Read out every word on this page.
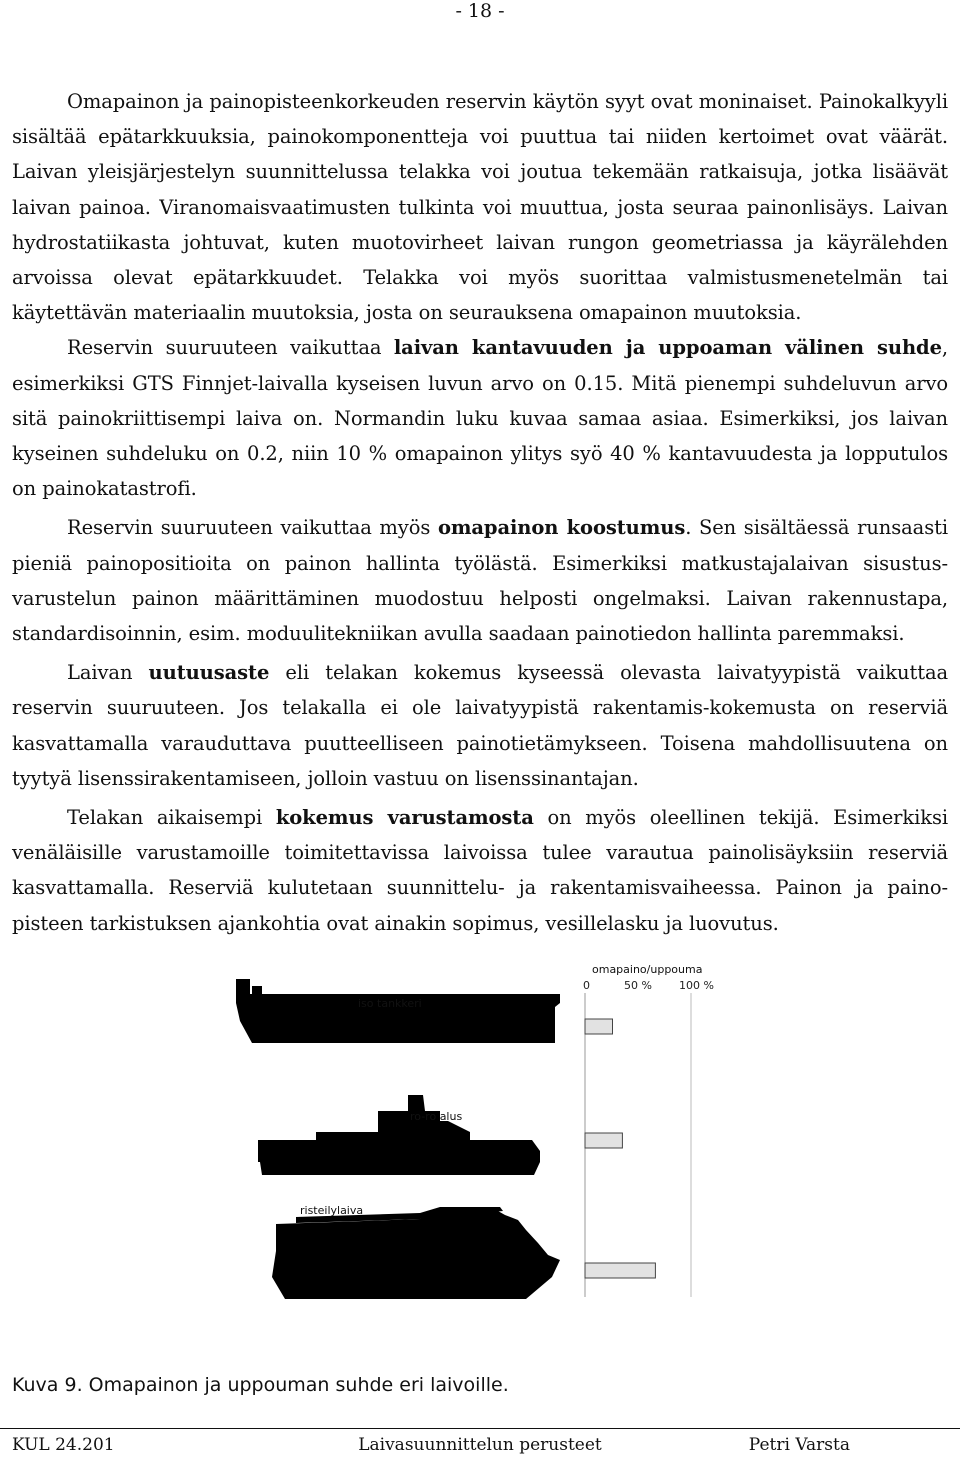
- 18 -

Omapainon ja painopisteenkorkeuden reservin käytön syyt ovat moninaiset. Painokalkyyli sisältää epätarkkuuksia, painokomponentteja voi puuttua tai niiden kertoimet ovat väärät. Laivan yleisjärjestelyn suunnittelussa telakka voi joutua tekemään ratkaisuja, jotka lisäävät laivan painoa. Viranomaisvaatimusten tulkinta voi muuttua, josta seuraa painonlisäys. Laivan hydrostatiikasta johtuvat, kuten muotovirheet laivan rungon geometriassa ja käyrälehden arvoissa olevat epätarkkuudet. Telakka voi myös suorittaa valmistusmenetelmän tai käytettävän materiaalin muutoksia, josta on seurauksena omapainon muutoksia.

Reservin suuruuteen vaikuttaa laivan kantavuuden ja uppoaman välinen suhde, esimerkiksi GTS Finnjet-laivalla kyseisen luvun arvo on 0.15. Mitä pienempi suhdeluvun arvo sitä painokriittisempi laiva on. Normandin luku kuvaa samaa asiaa. Esimerkiksi, jos laivan kyseinen suhdeluku on 0.2, niin 10 % omapainon ylitys syö 40 % kantavuudesta ja lopputulos on painokatastrofi.

Reservin suuruuteen vaikuttaa myös omapainon koostumus. Sen sisältäessä runsaasti pieniä painopositioita on painon hallinta työlästä. Esimerkiksi matkustajalaivan sisustus-varustelun painon määrittäminen muodostuu helposti ongelmaksi. Laivan rakennustapa, standardisoinnin, esim. moduulitekniikan avulla saadaan painotiedon hallinta paremmaksi.

Laivan uutuusaste eli telakan kokemus kyseessä olevasta laivatyypistä vaikuttaa reservin suuruuteen. Jos telakalla ei ole laivatyypistä rakentamis-kokemusta on reserviä kasvattamalla varauduttava puutteelliseen painotietämykseen. Toisena mahdollisuutena on tyytyä lisenssirakentamiseen, jolloin vastuu on lisenssinantajan.

Telakan aikaisempi kokemus varustamosta on myös oleellinen tekijä. Esimerkiksi venäläisille varustamoille toimitettavissa laivoissa tulee varautua painolisäyksiin reserviä kasvattamalla. Reserviä kulutetaan suunnittelu- ja rakentamisvaiheessa. Painon ja paino-pisteen tarkistuksen ajankohtia ovat ainakin sopimus, vesillelasku ja luovutus.

0	50 % 100 %
omapaino/uppouma
iso tankkeri
ro-ro alus
risteilylaiva
Kuva 9. Omapainon ja uppouman suhde eri laivoille.
KUL 24.201	Laivasuunnittelun perusteet	Petri Varsta
